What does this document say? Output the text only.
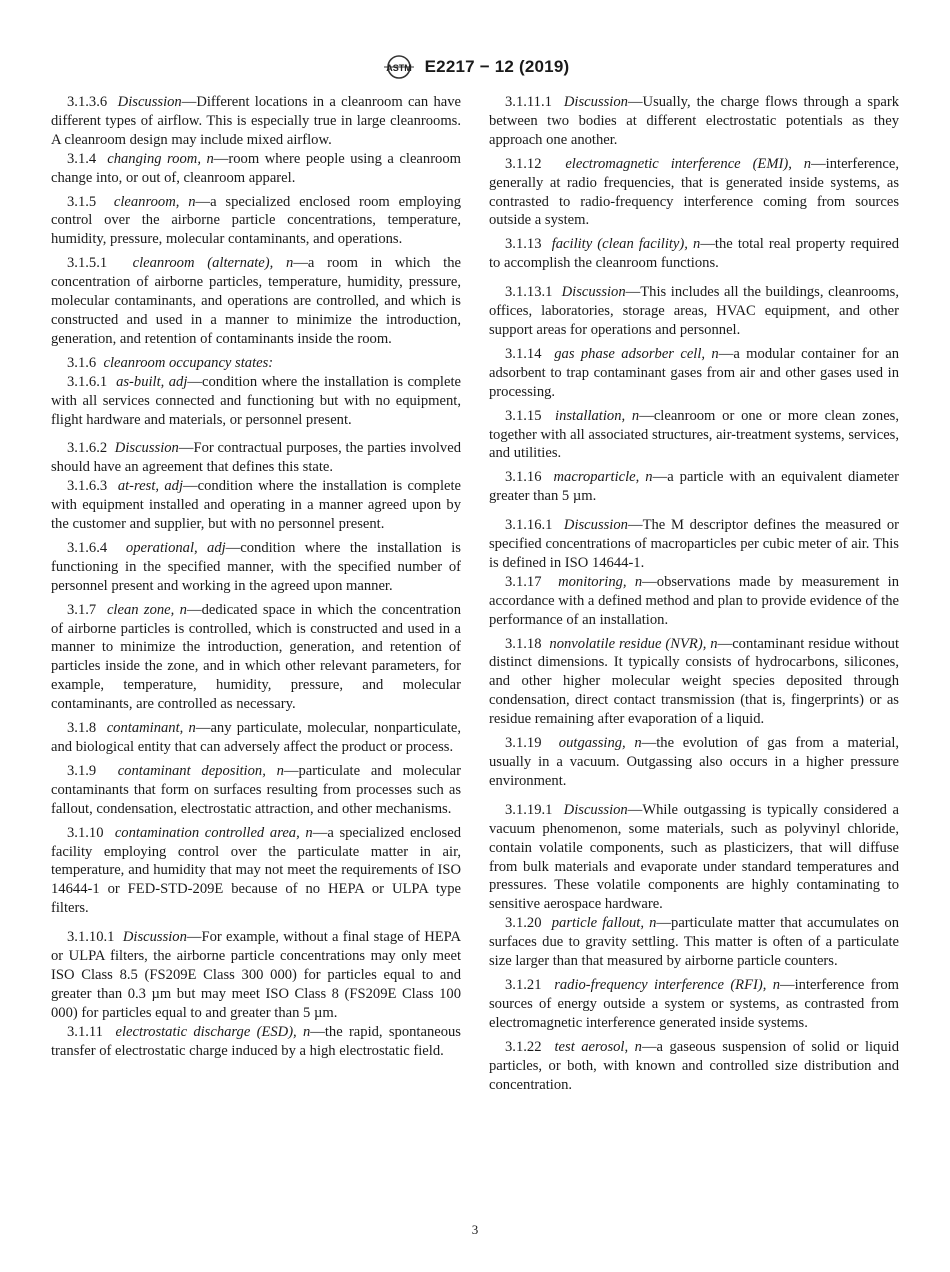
ASTM E2217 − 12 (2019)

3.1.3.6 Discussion—Different locations in a cleanroom can have different types of airflow. This is especially true in large cleanrooms. A cleanroom design may include mixed airflow.

3.1.4 changing room, n—room where people using a cleanroom change into, or out of, cleanroom apparel.

3.1.5 cleanroom, n—a specialized enclosed room employing control over the airborne particle concentrations, temperature, humidity, pressure, molecular contaminants, and operations.

3.1.5.1 cleanroom (alternate), n—a room in which the concentration of airborne particles, temperature, humidity, pressure, molecular contaminants, and operations are controlled, and which is constructed and used in a manner to minimize the introduction, generation, and retention of contaminants inside the room.

3.1.6 cleanroom occupancy states:

3.1.6.1 as-built, adj—condition where the installation is complete with all services connected and functioning but with no equipment, flight hardware and materials, or personnel present.

3.1.6.2 Discussion—For contractual purposes, the parties involved should have an agreement that defines this state.

3.1.6.3 at-rest, adj—condition where the installation is complete with equipment installed and operating in a manner agreed upon by the customer and supplier, but with no personnel present.

3.1.6.4 operational, adj—condition where the installation is functioning in the specified manner, with the specified number of personnel present and working in the agreed upon manner.

3.1.7 clean zone, n—dedicated space in which the concentration of airborne particles is controlled, which is constructed and used in a manner to minimize the introduction, generation, and retention of particles inside the zone, and in which other relevant parameters, for example, temperature, humidity, pressure, and molecular contaminants, are controlled as necessary.

3.1.8 contaminant, n—any particulate, molecular, nonparticulate, and biological entity that can adversely affect the product or process.

3.1.9 contaminant deposition, n—particulate and molecular contaminants that form on surfaces resulting from processes such as fallout, condensation, electrostatic attraction, and other mechanisms.

3.1.10 contamination controlled area, n—a specialized enclosed facility employing control over the particulate matter in air, temperature, and humidity that may not meet the requirements of ISO 14644-1 or FED-STD-209E because of no HEPA or ULPA type filters.

3.1.10.1 Discussion—For example, without a final stage of HEPA or ULPA filters, the airborne particle concentrations may only meet ISO Class 8.5 (FS209E Class 300 000) for particles equal to and greater than 0.3 µm but may meet ISO Class 8 (FS209E Class 100 000) for particles equal to and greater than 5 µm.

3.1.11 electrostatic discharge (ESD), n—the rapid, spontaneous transfer of electrostatic charge induced by a high electrostatic field.

3.1.11.1 Discussion—Usually, the charge flows through a spark between two bodies at different electrostatic potentials as they approach one another.

3.1.12 electromagnetic interference (EMI), n—interference, generally at radio frequencies, that is generated inside systems, as contrasted to radio-frequency interference coming from sources outside a system.

3.1.13 facility (clean facility), n—the total real property required to accomplish the cleanroom functions.

3.1.13.1 Discussion—This includes all the buildings, cleanrooms, offices, laboratories, storage areas, HVAC equipment, and other support areas for operations and personnel.

3.1.14 gas phase adsorber cell, n—a modular container for an adsorbent to trap contaminant gases from air and other gases used in processing.

3.1.15 installation, n—cleanroom or one or more clean zones, together with all associated structures, air-treatment systems, services, and utilities.

3.1.16 macroparticle, n—a particle with an equivalent diameter greater than 5 µm.

3.1.16.1 Discussion—The M descriptor defines the measured or specified concentrations of macroparticles per cubic meter of air. This is defined in ISO 14644-1.

3.1.17 monitoring, n—observations made by measurement in accordance with a defined method and plan to provide evidence of the performance of an installation.

3.1.18 nonvolatile residue (NVR), n—contaminant residue without distinct dimensions. It typically consists of hydrocarbons, silicones, and other higher molecular weight species deposited through condensation, direct contact transmission (that is, fingerprints) or as residue remaining after evaporation of a liquid.

3.1.19 outgassing, n—the evolution of gas from a material, usually in a vacuum. Outgassing also occurs in a higher pressure environment.

3.1.19.1 Discussion—While outgassing is typically considered a vacuum phenomenon, some materials, such as polyvinyl chloride, contain volatile components, such as plasticizers, that will diffuse from bulk materials and evaporate under standard temperatures and pressures. These volatile components are highly contaminating to sensitive aerospace hardware.

3.1.20 particle fallout, n—particulate matter that accumulates on surfaces due to gravity settling. This matter is often of a particulate size larger than that measured by airborne particle counters.

3.1.21 radio-frequency interference (RFI), n—interference from sources of energy outside a system or systems, as contrasted from electromagnetic interference generated inside systems.

3.1.22 test aerosol, n—a gaseous suspension of solid or liquid particles, or both, with known and controlled size distribution and concentration.

3
